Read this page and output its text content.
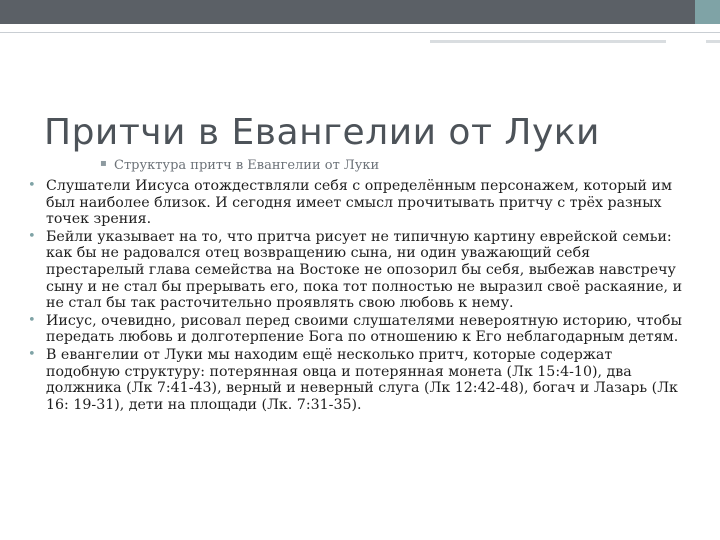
Притчи в Евангелии от Луки
▪ Структура притч в Евангелии от Луки
• Слушатели Иисуса отождествляли себя с определённым персонажем, который им был наиболее близок. И сегодня имеет смысл прочитывать притчу с трёх разных точек зрения.
• Бейли указывает на то, что притча рисует не типичную картину еврейской семьи: как бы не радовался отец возвращению сына, ни один уважающий себя престарелый глава семейства на Востоке не опозорил бы себя, выбежав навстречу сыну и не стал бы прерывать его, пока тот полностью не выразил своё раскаяние, и не стал бы так расточительно проявлять свою любовь к нему.
• Иисус, очевидно, рисовал перед своими слушателями невероятную историю, чтобы передать любовь и долготерпение Бога по отношению к Его неблагодарным детям.
• В евангелии от Луки мы находим ещё несколько притч, которые содержат подобную структуру: потерянная овца и потерянная монета (Лк 15:4-10), два должника (Лк 7:41-43), верный и неверный слуга (Лк 12:42-48), богач и Лазарь (Лк 16: 19-31), дети на площади (Лк. 7:31-35).
